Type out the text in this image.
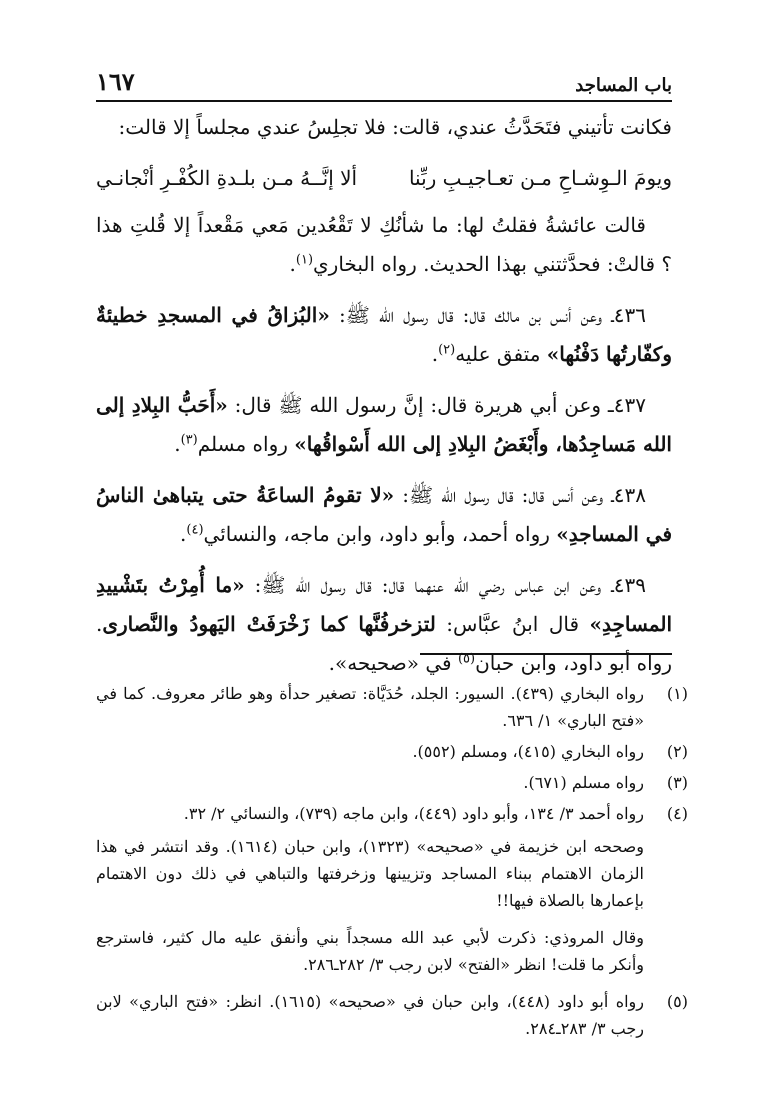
باب المساجد
١٦٧

فكانت تأتيني فتَحَدَّثُ عندي، قالت: فلا تجلِسُ عندي مجلساً إلا قالت:

ويومَ الـوِشـاحِ مـن تعـاجيـبِ ربِّنا
ألا إنَّــهُ مـن بلـدةِ الكُفْـرِ أنْجانـي

قالت عائشةُ فقلتُ لها: ما شأنُكِ لا تَقْعُدين مَعي مَقْعداً إلا قُلتِ هذا ؟ قالتْ: فحدَّثتني بهذا الحديث. رواه البخاري$^{(١)}$.

٤٣٦ـ وعن أنس بن مالك قال: قال رسول الله ﷺ: «البُزاقُ في المسجدِ خطيئةٌ وكفّارتُها دَفْنُها» متفق عليه$^{(٢)}$.

٤٣٧ـ وعن أبي هريرة قال: إنَّ رسول الله ﷺ قال: «أَحَبُّ البِلادِ إلى الله مَساجِدُها، وأَبْغَضُ البِلادِ إلى الله أَسْواقُها» رواه مسلم$^{(٣)}$.

٤٣٨ـ وعن أنس قال: قال رسول الله ﷺ: «لا تقومُ الساعَةُ حتى يتباهىٰ الناسُ في المساجدِ» رواه أحمد، وأبو داود، وابن ماجه، والنسائي$^{(٤)}$.

٤٣٩ـ وعن ابن عباس رضي الله عنهما قال: قال رسول الله ﷺ: «ما أُمِرْتُ بتَشْييدِ المساجِدِ» قال ابنُ عبَّاس: لتزخرفُنَّها كما زَخْرَفَتْ اليَهودُ والنَّصارى. رواه أبو داود، وابن حبان$^{(٥)}$ في «صحيحه».

(١)
رواه البخاري (٤٣٩). السيور: الجلد، حُدَيَّاة: تصغير حدأة وهو طائر معروف. كما في «فتح الباري» ١/ ٦٣٦.
(٢)
رواه البخاري (٤١٥)، ومسلم (٥٥٢).
(٣)
رواه مسلم (٦٧١).
(٤)
رواه أحمد ٣/ ١٣٤، وأبو داود (٤٤٩)، وابن ماجه (٧٣٩)، والنسائي ٢/ ٣٢.
وصححه ابن خزيمة في «صحيحه» (١٣٢٣)، وابن حبان (١٦١٤). وقد انتشر في هذا الزمان الاهتمام ببناء المساجد وتزيينها وزخرفتها والتباهي في ذلك دون الاهتمام بإعمارها بالصلاة فيها!!
وقال المروذي: ذكرت لأبي عبد الله مسجداً بني وأنفق عليه مال كثير، فاسترجع وأنكر ما قلت! انظر «الفتح» لابن رجب ٣/ ٢٨٢ـ٢٨٦.
(٥)
رواه أبو داود (٤٤٨)، وابن حبان في «صحيحه» (١٦١٥). انظر: «فتح الباري» لابن رجب ٣/ ٢٨٣ـ٢٨٤.
